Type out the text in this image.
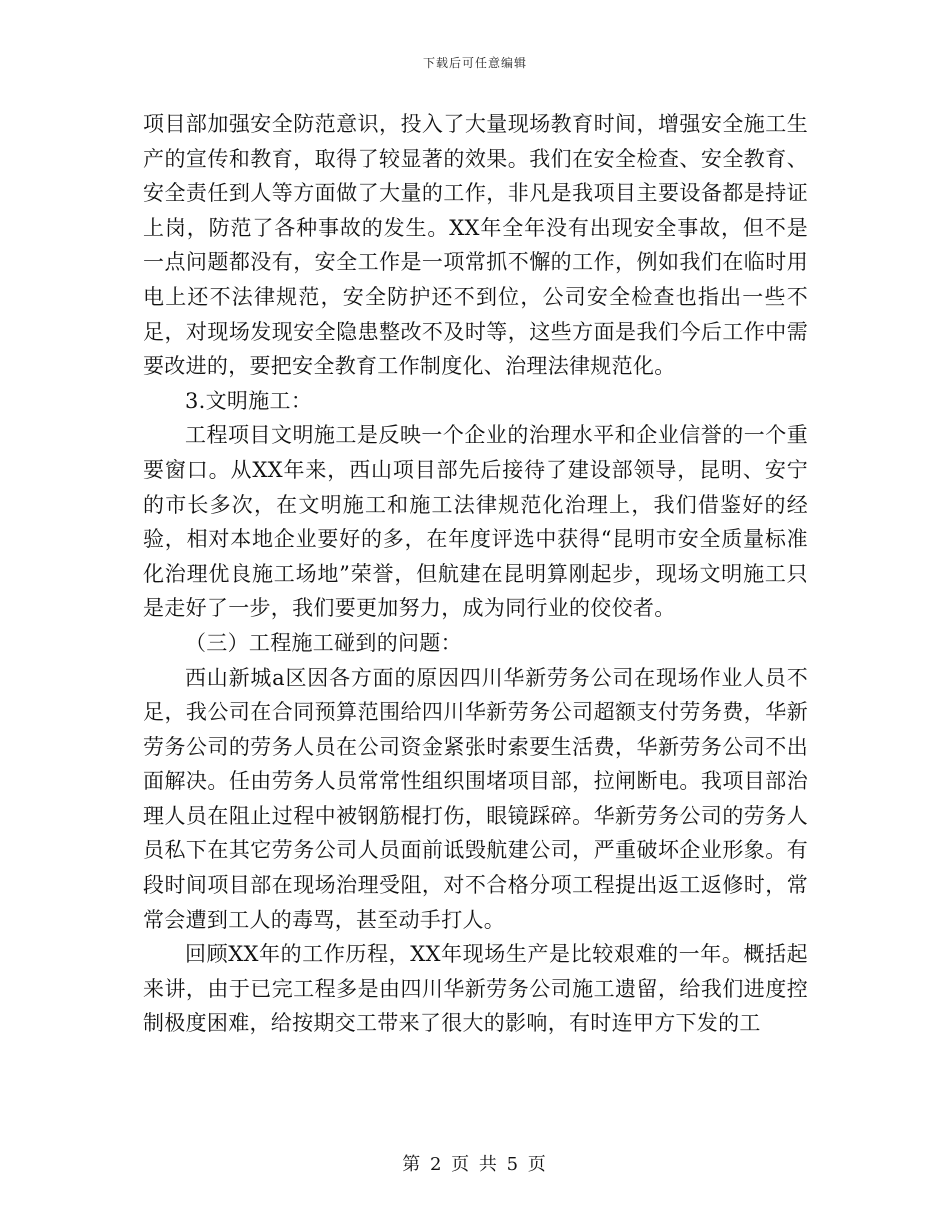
下载后可任意编辑

项目部加强安全防范意识，投入了大量现场教育时间，增强安全施工生产的宣传和教育，取得了较显著的效果。我们在安全检查、安全教育、安全责任到人等方面做了大量的工作，非凡是我项目主要设备都是持证上岗，防范了各种事故的发生。XX年全年没有出现安全事故，但不是一点问题都没有，安全工作是一项常抓不懈的工作，例如我们在临时用电上还不法律规范，安全防护还不到位，公司安全检查也指出一些不足，对现场发现安全隐患整改不及时等，这些方面是我们今后工作中需要改进的，要把安全教育工作制度化、治理法律规范化。

3.文明施工：

工程项目文明施工是反映一个企业的治理水平和企业信誉的一个重要窗口。从XX年来，西山项目部先后接待了建设部领导，昆明、安宁的市长多次，在文明施工和施工法律规范化治理上，我们借鉴好的经验，相对本地企业要好的多，在年度评选中获得“昆明市安全质量标准化治理优良施工场地”荣誉，但航建在昆明算刚起步，现场文明施工只是走好了一步，我们要更加努力，成为同行业的佼佼者。

（三）工程施工碰到的问题：

西山新城a区因各方面的原因四川华新劳务公司在现场作业人员不足，我公司在合同预算范围给四川华新劳务公司超额支付劳务费，华新劳务公司的劳务人员在公司资金紧张时索要生活费，华新劳务公司不出面解决。任由劳务人员常常性组织围堵项目部，拉闸断电。我项目部治理人员在阻止过程中被钢筋棍打伤，眼镜踩碎。华新劳务公司的劳务人员私下在其它劳务公司人员面前诋毁航建公司，严重破坏企业形象。有段时间项目部在现场治理受阻，对不合格分项工程提出返工返修时，常常会遭到工人的毒骂，甚至动手打人。

回顾XX年的工作历程，XX年现场生产是比较艰难的一年。概括起来讲，由于已完工程多是由四川华新劳务公司施工遗留，给我们进度控制极度困难，给按期交工带来了很大的影响，有时连甲方下发的工

第 2 页 共 5 页
